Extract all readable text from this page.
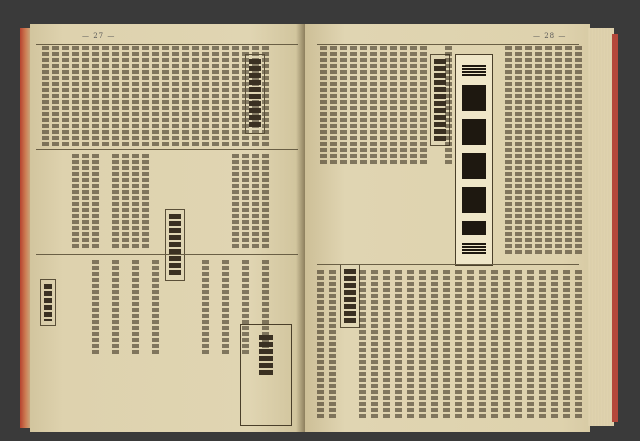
— 27 —	— 28 —
